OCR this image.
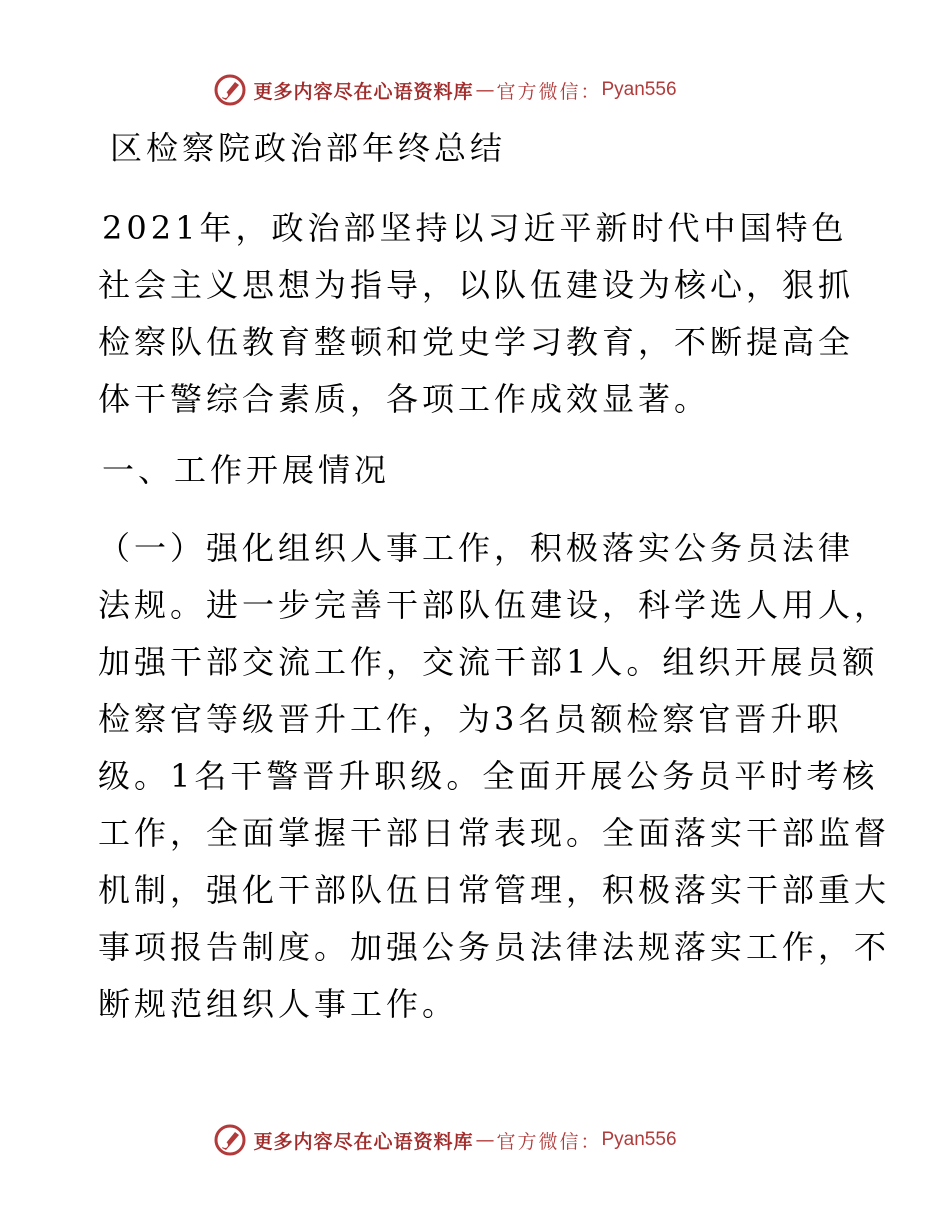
更多内容尽在心语资料库 — 官方微信： Pyan556
区检察院政治部年终总结
2021年，政治部坚持以习近平新时代中国特色社会主义思想为指导，以队伍建设为核心，狠抓检察队伍教育整顿和党史学习教育，不断提高全体干警综合素质，各项工作成效显著。
一、工作开展情况
（一）强化组织人事工作，积极落实公务员法律
法规。进一步完善干部队伍建设，科学选人用人，
加强干部交流工作，交流干部1人。组织开展员额
检察官等级晋升工作，为3名员额检察官晋升职
级。1名干警晋升职级。全面开展公务员平时考核
工作，全面掌握干部日常表现。全面落实干部监督
机制，强化干部队伍日常管理，积极落实干部重大
事项报告制度。加强公务员法律法规落实工作，不
断规范组织人事工作。
更多内容尽在心语资料库 — 官方微信： Pyan556
